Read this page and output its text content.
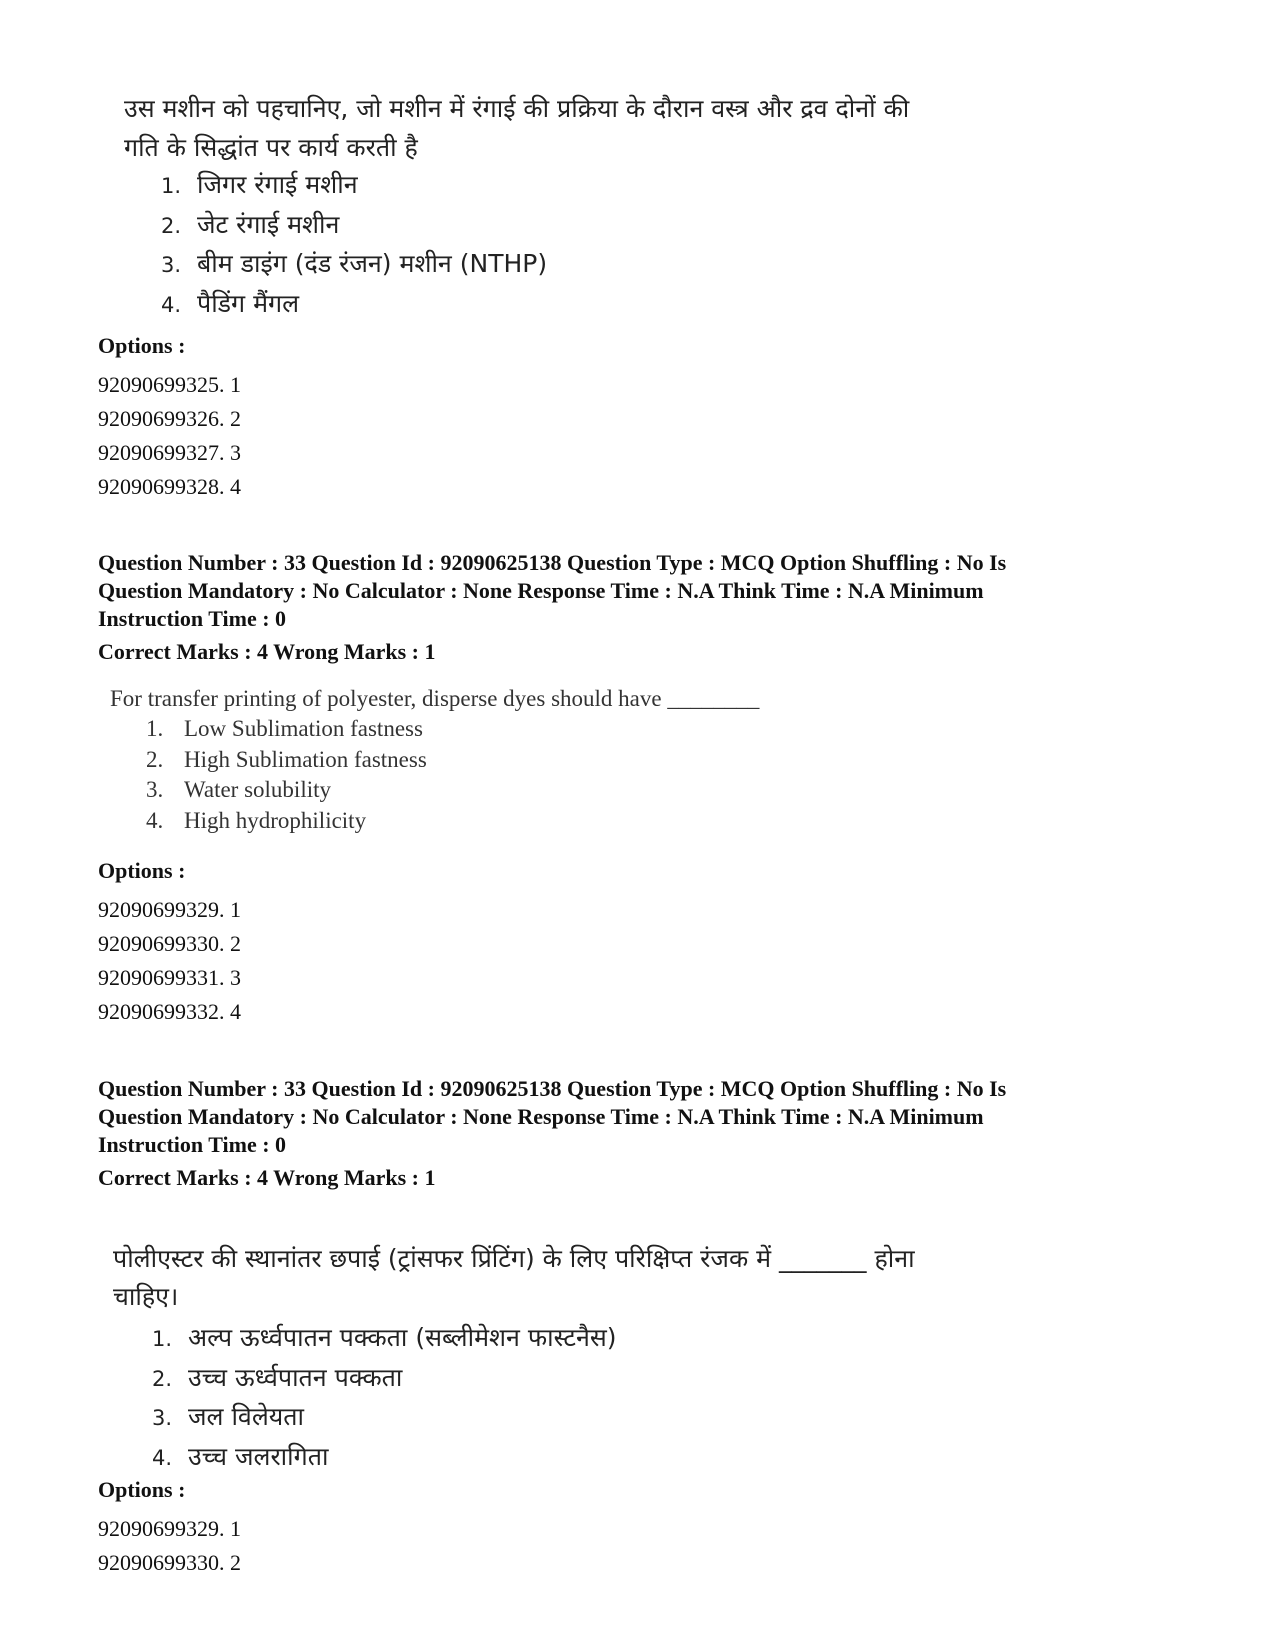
उस मशीन को पहचानिए, जो मशीन में रंगाई की प्रक्रिया के दौरान वस्त्र और द्रव दोनों की
गति के सिद्धांत पर कार्य करती है
1. जिगर रंगाई मशीन
2. जेट रंगाई मशीन
3. बीम डाइंग (दंड रंजन) मशीन (NTHP)
4. पैडिंग मैंगल
Options :
92090699325. 1
92090699326. 2
92090699327. 3
92090699328. 4
Question Number : 33 Question Id : 92090625138 Question Type : MCQ Option Shuffling : No Is
Question Mandatory : No Calculator : None Response Time : N.A Think Time : N.A Minimum
Instruction Time : 0
Correct Marks : 4 Wrong Marks : 1
For transfer printing of polyester, disperse dyes should have ________
1. Low Sublimation fastness
2. High Sublimation fastness
3. Water solubility
4. High hydrophilicity
Options :
92090699329. 1
92090699330. 2
92090699331. 3
92090699332. 4
Question Number : 33 Question Id : 92090625138 Question Type : MCQ Option Shuffling : No Is
Question Mandatory : No Calculator : None Response Time : N.A Think Time : N.A Minimum
Instruction Time : 0
Correct Marks : 4 Wrong Marks : 1
पोलीएस्टर की स्थानांतर छपाई (ट्रांसफर प्रिंटिंग) के लिए परिक्षिप्त रंजक में _______ होना
चाहिए।
1. अल्प ऊर्ध्वपातन पक्कता (सब्लीमेशन फास्टनैस)
2. उच्च ऊर्ध्वपातन पक्कता
3. जल विलेयता
4. उच्च जलरागिता
Options :
92090699329. 1
92090699330. 2
